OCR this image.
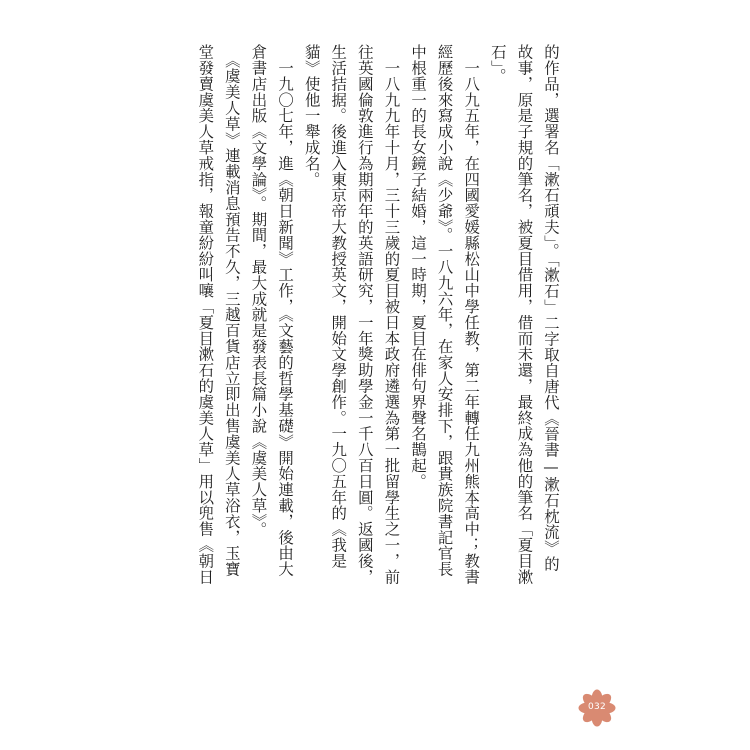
的作品，選署名「漱石頑夫」。「漱石」二字取自唐代《晉書—漱石枕流》的
故事，原是子規的筆名，被夏目借用，借而未還，最終成為他的筆名「夏目漱
石」。
　一八九五年，在四國愛媛縣松山中學任教，第二年轉任九州熊本高中；教書
經歷後來寫成小說《少爺》。一八九六年，在家人安排下，跟貴族院書記官長
中根重一的長女鏡子結婚，這一時期，夏目在俳句界聲名鵲起。
　一八九九年十月，三十三歲的夏目被日本政府遴選為第一批留學生之一，前
往英國倫敦進行為期兩年的英語研究，一年獎助學金一千八百日圓。返國後，
生活拮据。後進入東京帝大教授英文，開始文學創作。一九〇五年的《我是
貓》使他一舉成名。
　一九〇七年，進《朝日新聞》工作，《文藝的哲學基礎》開始連載，後由大
倉書店出版《文學論》。期間，最大成就是發表長篇小說《虞美人草》。
　《虞美人草》連載消息預告不久，三越百貨店立即出售虞美人草浴衣，玉寶
堂發賣虞美人草戒指，報童紛紛叫嚷「夏目漱石的虞美人草」用以兜售《朝日
032
